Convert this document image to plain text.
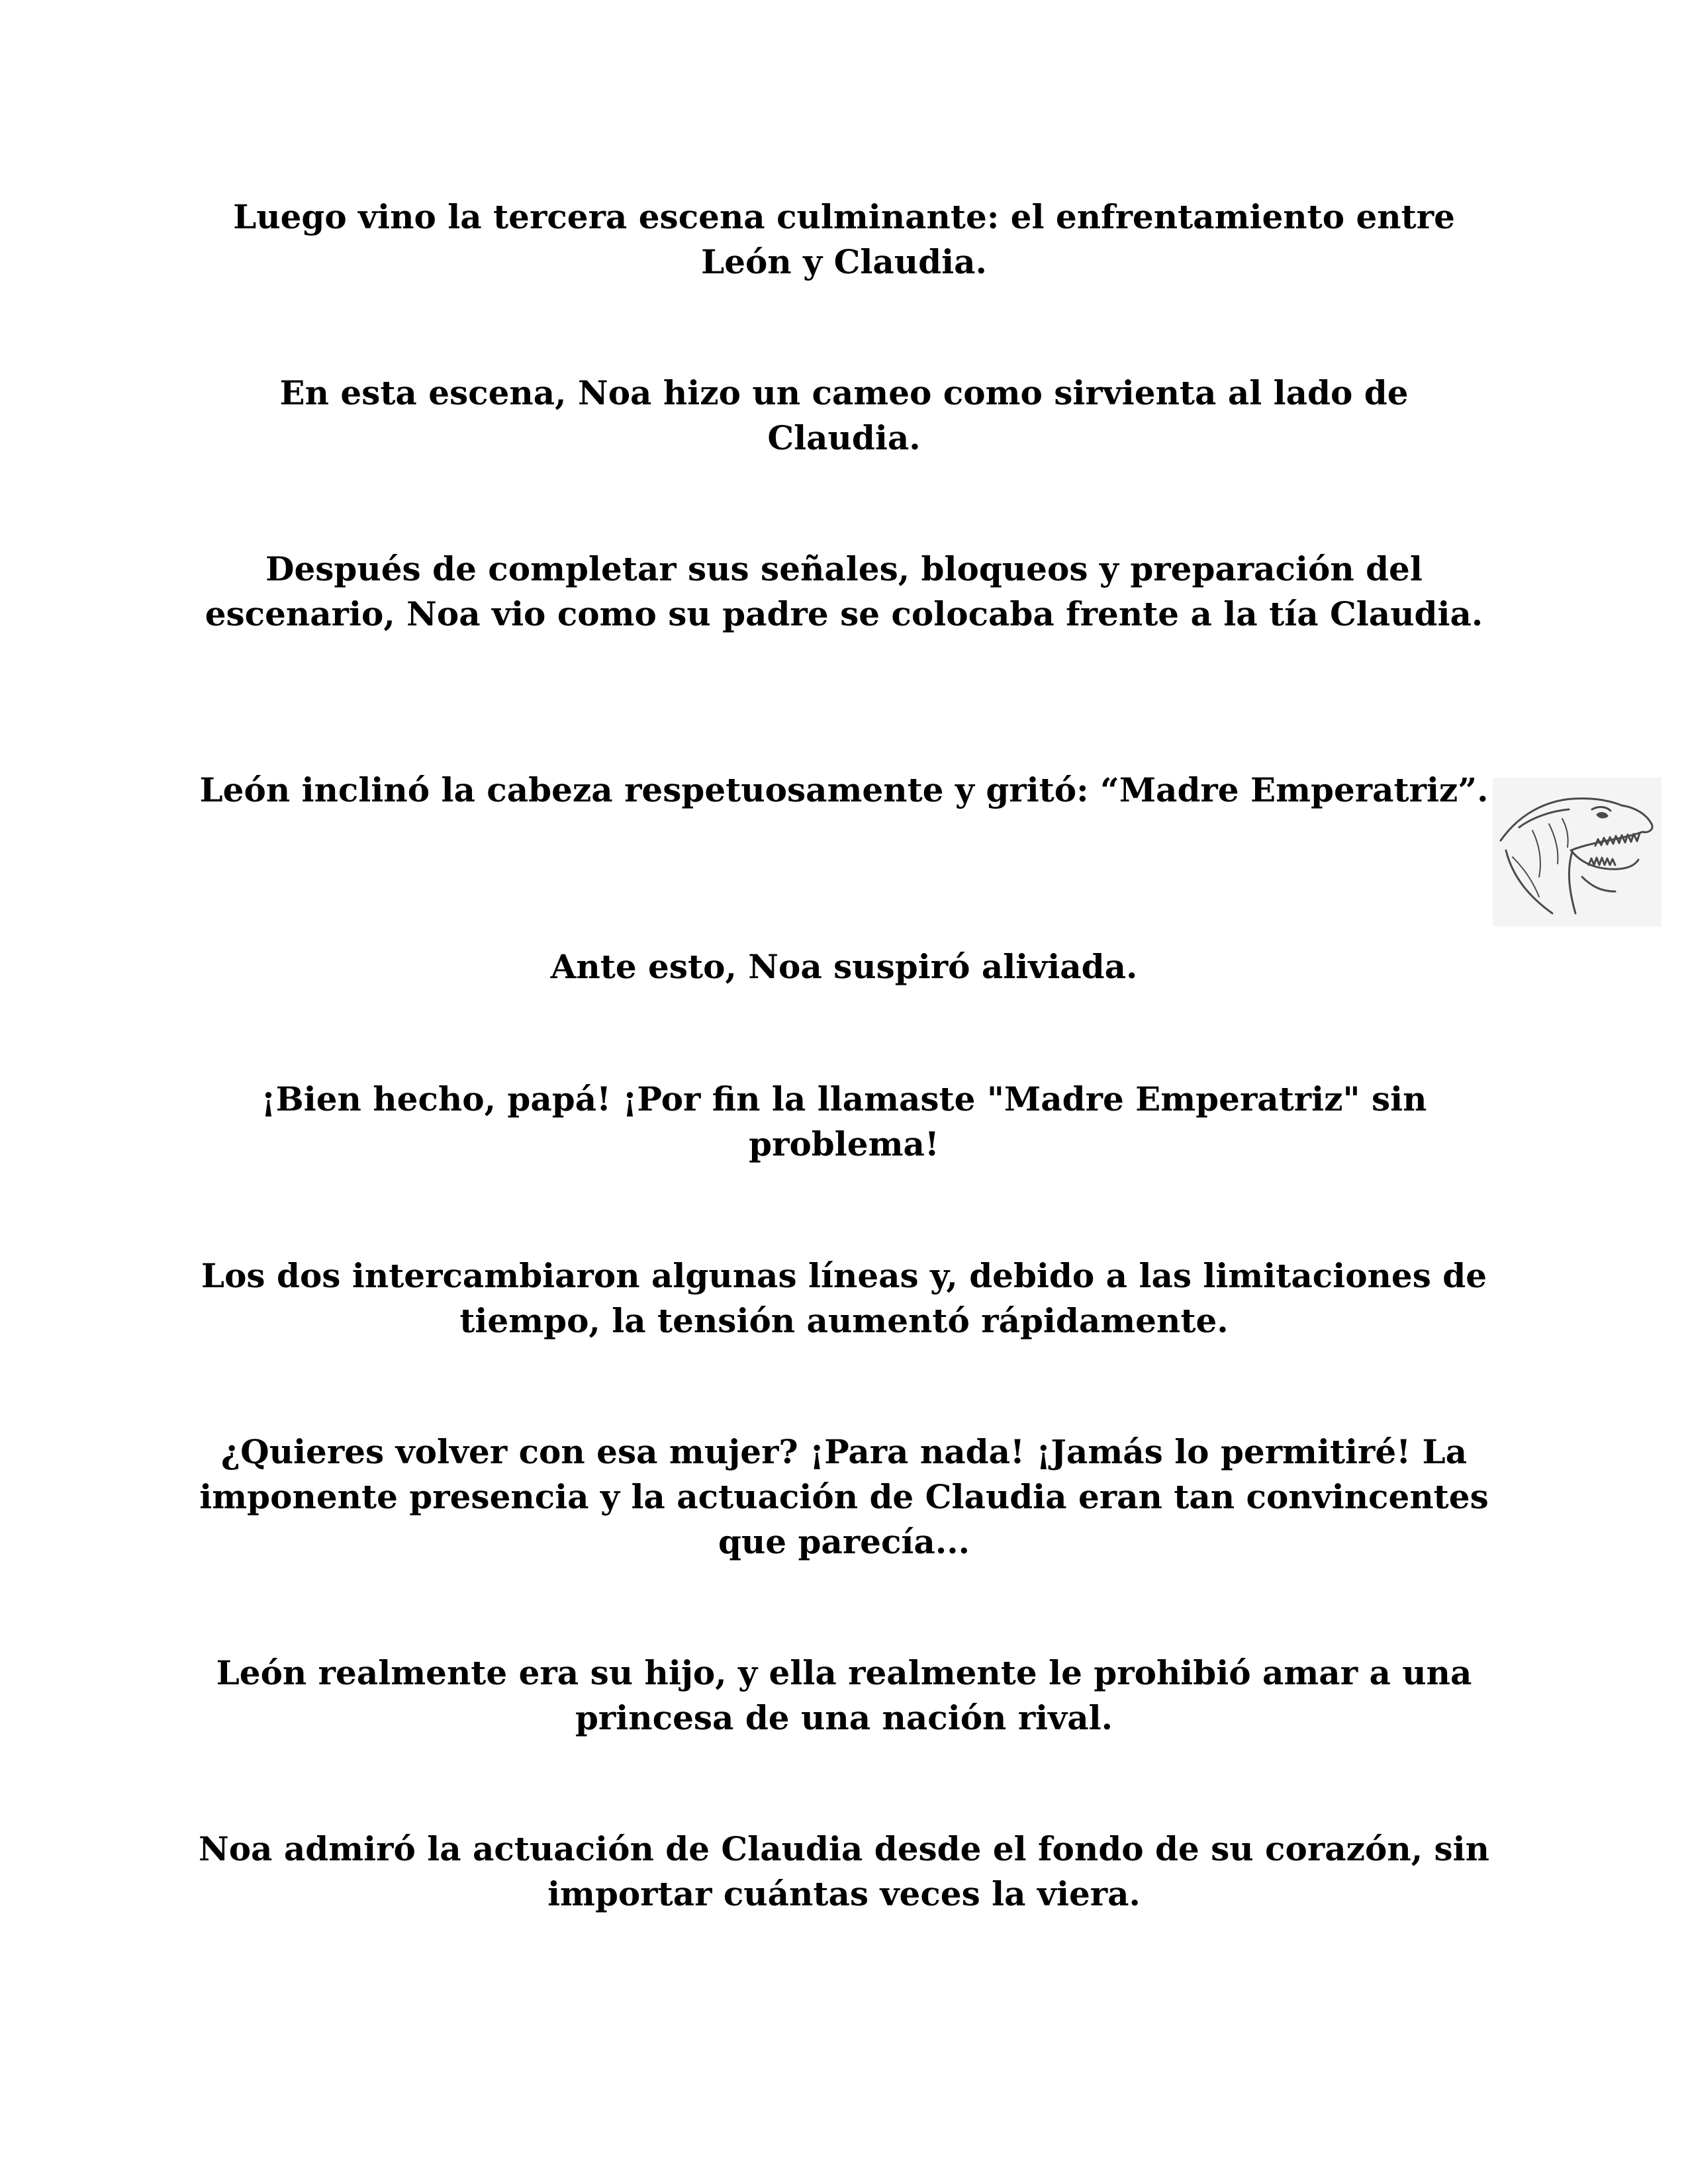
Luego vino la tercera escena culminante: el enfrentamiento entre León y Claudia.

En esta escena, Noa hizo un cameo como sirvienta al lado de Claudia.

Después de completar sus señales, bloqueos y preparación del escenario, Noa vio como su padre se colocaba frente a la tía Claudia.

León inclinó la cabeza respetuosamente y gritó: “Madre Emperatriz”.

Ante esto, Noa suspiró aliviada.

¡Bien hecho, papá! ¡Por fin la llamaste "Madre Emperatriz" sin problema!

Los dos intercambiaron algunas líneas y, debido a las limitaciones de tiempo, la tensión aumentó rápidamente.

¿Quieres volver con esa mujer? ¡Para nada! ¡Jamás lo permitiré! La imponente presencia y la actuación de Claudia eran tan convincentes que parecía...

León realmente era su hijo, y ella realmente le prohibió amar a una princesa de una nación rival.

Noa admiró la actuación de Claudia desde el fondo de su corazón, sin importar cuántas veces la viera.
